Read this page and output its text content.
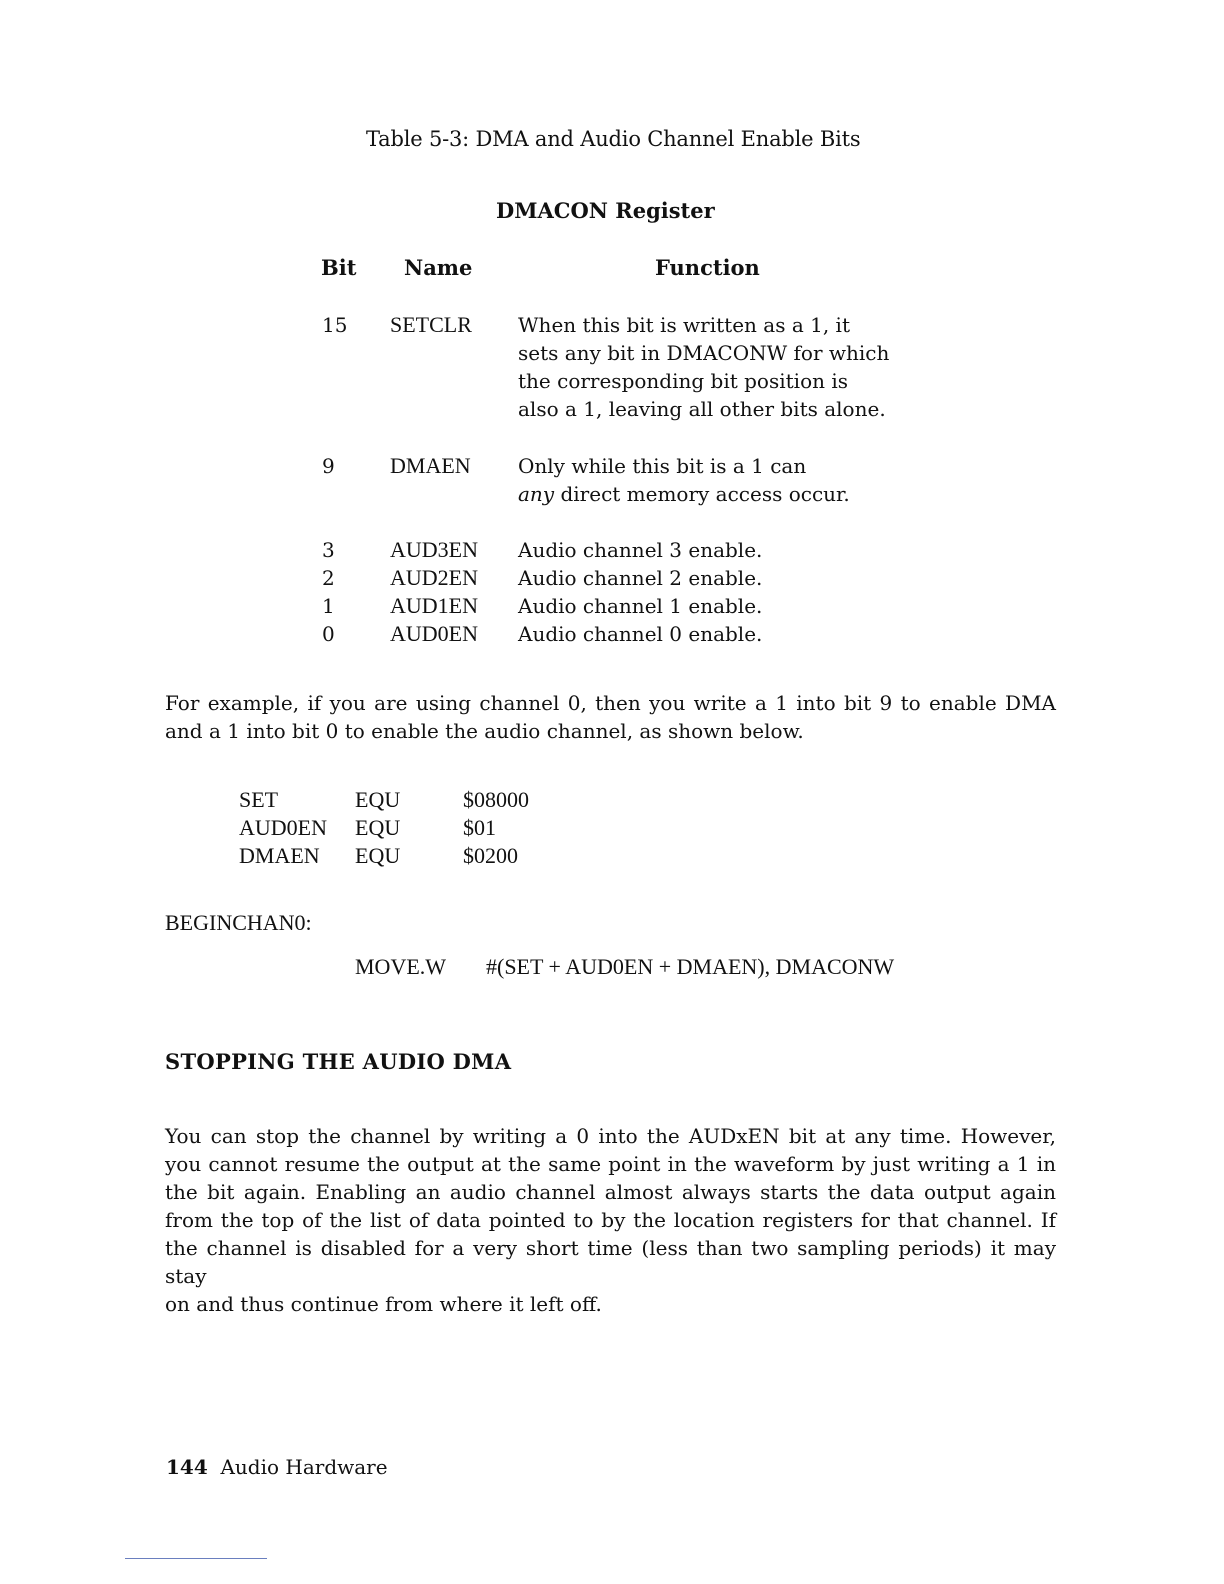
Table 5-3: DMA and Audio Channel Enable Bits
DMACON Register
Bit Name	Function
15 SETCLR When this bit is written as a 1, it
sets any bit in DMACONW for which
the corresponding bit position is
also a 1, leaving all other bits alone.
9	DMAEN Only while this bit is a 1 can
any direct memory access occur.
3	AUD3EN Audio channel 3 enable.
2	AUD2EN Audio channel 2 enable.
1	AUD1EN Audio channel 1 enable.
0	AUD0EN Audio channel 0 enable.
For example, if you are using channel 0, then you write a 1 into bit 9 to enable DMA
and a 1 into bit 0 to enable the audio channel, as shown below.
SET	EQU	$08000
AUD0EN EQU	$01
DMAEN EQU	$0200
BEGINCHAN0:
MOVE.W #(SET + AUD0EN + DMAEN), DMACONW
STOPPING THE AUDIO DMA
You can stop the channel by writing a 0 into the AUDxEN bit at any time. However,
you cannot resume the output at the same point in the waveform by just writing a 1 in
the bit again. Enabling an audio channel almost always starts the data output again
from the top of the list of data pointed to by the location registers for that channel. If
the channel is disabled for a very short time (less than two sampling periods) it may stay
on and thus continue from where it left off.
144 Audio Hardware
